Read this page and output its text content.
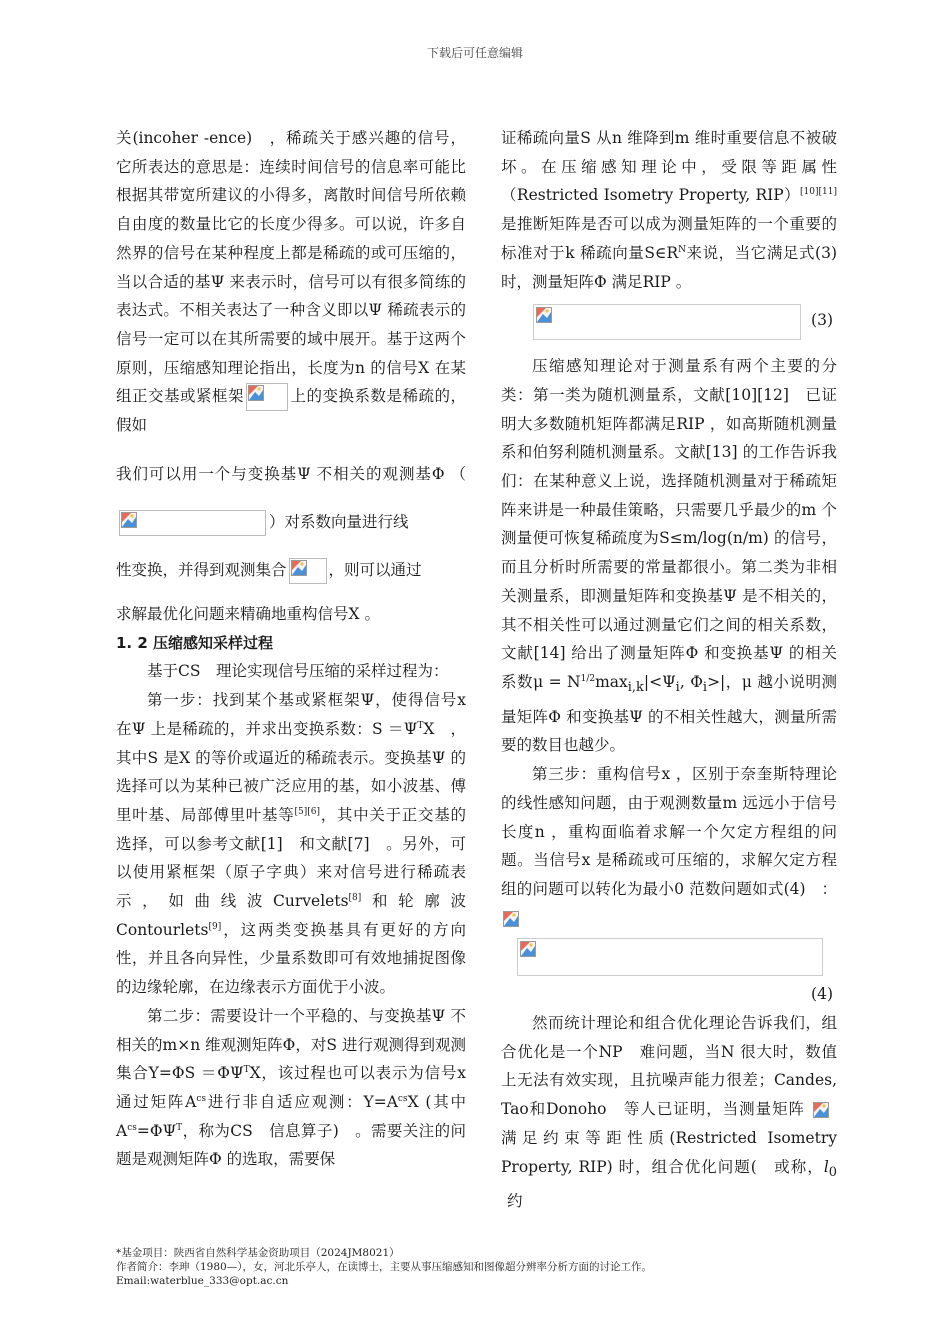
下载后可任意编辑

关(incoher -ence)　，稀疏关于感兴趣的信号，它所表达的意思是：连续时间信号的信息率可能比根据其带宽所建议的小得多，离散时间信号所依赖自由度的数量比它的长度少得多。可以说，许多自然界的信号在某种程度上都是稀疏的或可压缩的，当以合适的基Ψ 来表示时，信号可以有很多简练的表达式。不相关表达了一种含义即以Ψ 稀疏表示的信号一定可以在其所需要的域中展开。基于这两个原则，压缩感知理论指出，长度为n 的信号X 在某组正交基或紧框架	上的变换系数是稀疏的，假如

我们可以用一个与变换基Ψ 不相关的观测基Φ （
）对系数向量进行线
性变换，并得到观测集合	，则可以通过

求解最优化问题来精确地重构信号X 。

1. 2 压缩感知采样过程

基于CS　理论实现信号压缩的采样过程为：

第一步：找到某个基或紧框架Ψ，使得信号x 在Ψ 上是稀疏的，并求出变换系数：$S =\Psi^TX$　，其中S 是X 的等价或逼近的稀疏表示。变换基Ψ 的选择可以为某种已被广泛应用的基，如小波基、傅里叶基、局部傅里叶基等[5][6]，其中关于正交基的选择，可以参考文献[1]　和文献[7]　。另外，可以使用紧框架（原子字典）来对信号进行稀疏表示，如曲线波Curvelets[8]和轮廓波Contourlets[9]，这两类变换基具有更好的方向性，并且各向异性，少量系数即可有效地捕捉图像的边缘轮廓，在边缘表示方面优于小波。

第二步：需要设计一个平稳的、与变换基Ψ 不相关的m×n 维观测矩阵Φ，对S 进行观测得到观测集合$Y=\Phi S =\Phi\Psi^TX$，该过程也可以表示为信号x 通过矩阵$A^{cs}$进行非自适应观测：$Y=A^{cs}X$ (其中$A^{cs}=\Phi\Psi^T$，称为CS　信息算子)　。需要关注的问题是观测矩阵Φ 的选取，需要保

证稀疏向量S 从n 维降到m 维时重要信息不被破坏。在压缩感知理论中，受限等距属性（Restricted Isometry Property, RIP）[10][11]是推断矩阵是否可以成为测量矩阵的一个重要的标准对于k 稀疏向量$S\in R^N$来说，当它满足式(3) 时，测量矩阵Φ 满足RIP 。

(3)

压缩感知理论对于测量系有两个主要的分类：第一类为随机测量系，文献[10][12]　已证明大多数随机矩阵都满足RIP ，如高斯随机测量系和伯努利随机测量系。文献[13] 的工作告诉我们：在某种意义上说，选择随机测量对于稀疏矩阵来讲是一种最佳策略，只需要几乎最少的m 个测量便可恢复稀疏度为S≤m/log(n/m) 的信号，而且分析时所需要的常量都很小。第二类为非相关测量系，即测量矩阵和变换基Ψ 是不相关的，其不相关性可以通过测量它们之间的相关系数，文献[14] 给出了测量矩阵Φ 和变换基Ψ 的相关系数$\mu = N^{1/2}\max_{i,k}|<\Psi_i$, $\Phi_i>|$，μ 越小说明测量矩阵Φ 和变换基Ψ 的不相关性越大，测量所需要的数目也越少。

第三步：重构信号x ，区别于奈奎斯特理论的线性感知问题，由于观测数量m 远远小于信号长度n ，重构面临着求解一个欠定方程组的问题。当信号x 是稀疏或可压缩的，求解欠定方程组的问题可以转化为最小0 范数问题如式(4)　：

(4)

然而统计理论和组合优化理论告诉我们，组合优化是一个NP　难问题，当N 很大时，数值上无法有效实现，且抗噪声能力很差；Candes, Tao和Donoho　等人已证明，当测量矩阵
满足约束等距性质(Restricted Isometry Property, RIP) 时，组合优化问题(　或称，$l_0$约

*基金项目：陕西省自然科学基金资助项目（2024JM8021）
作者简介：李珅（1980—），女，河北乐亭人，在读博士，主要从事压缩感知和图像超分辨率分析方面的讨论工作。
Email:waterblue_333@opt.ac.cn
